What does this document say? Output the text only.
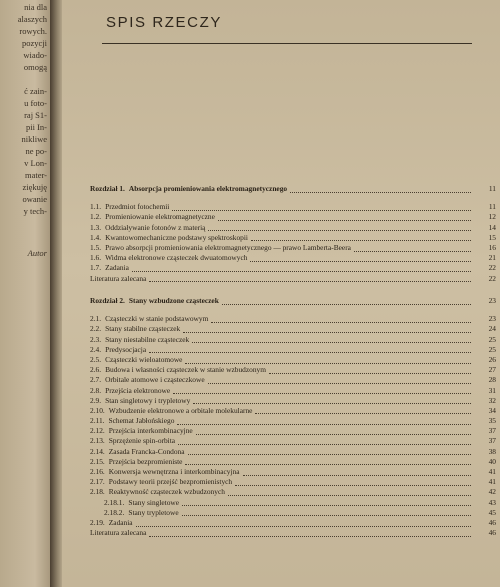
nia dla
alaszych
rowych.
pozycji
wiado-
omogą
ć zain-
u foto-
raj S1-
pii In-
nikliwe
ne po-
v Lon-
mater-
ziękuję
owanie
y tech-
Autor
SPIS RZECZY
Rozdział 1. Absorpcja promieniowania elektromagnetycznego	11
1.1. Przedmiot fotochemii	11
1.2. Promieniowanie elektromagnetyczne	12
1.3. Oddziaływanie fotonów z materią	14
1.4. Kwantowomechaniczne podstawy spektroskopii	15
1.5. Prawo absorpcji promieniowania elektromagnetycznego — prawo Lamberta-Beera	16
1.6. Widma elektronowe cząsteczek dwuatomowych	21
1.7. Zadania	22
Literatura zalecana	22
Rozdział 2. Stany wzbudzone cząsteczek	23
2.1. Cząsteczki w stanie podstawowym	23
2.2. Stany stabilne cząsteczek	24
2.3. Stany niestabilne cząsteczek	25
2.4. Predysocjacja	25
2.5. Cząsteczki wieloatomowe	26
2.6. Budowa i własności cząsteczek w stanie wzbudzonym	27
2.7. Orbitale atomowe i cząsteczkowe	28
2.8. Przejścia elektronowe	31
2.9. Stan singletowy i trypletowy	32
2.10. Wzbudzenie elektronowe a orbitale molekularne	34
2.11. Schemat Jabłońskiego	35
2.12. Przejścia interkombinacyjne	37
2.13. Sprzężenie spin-orbita	37
2.14. Zasada Francka-Condona	38
2.15. Przejścia bezpromieniste	40
2.16. Konwersja wewnętrzna i interkombinacyjna	41
2.17. Podstawy teorii przejść bezpromienistych	41
2.18. Reaktywność cząsteczek wzbudzonych	42
2.18.1. Stany singletowe	43
2.18.2. Stany trypletowe	45
2.19. Zadania	46
Literatura zalecana	46
